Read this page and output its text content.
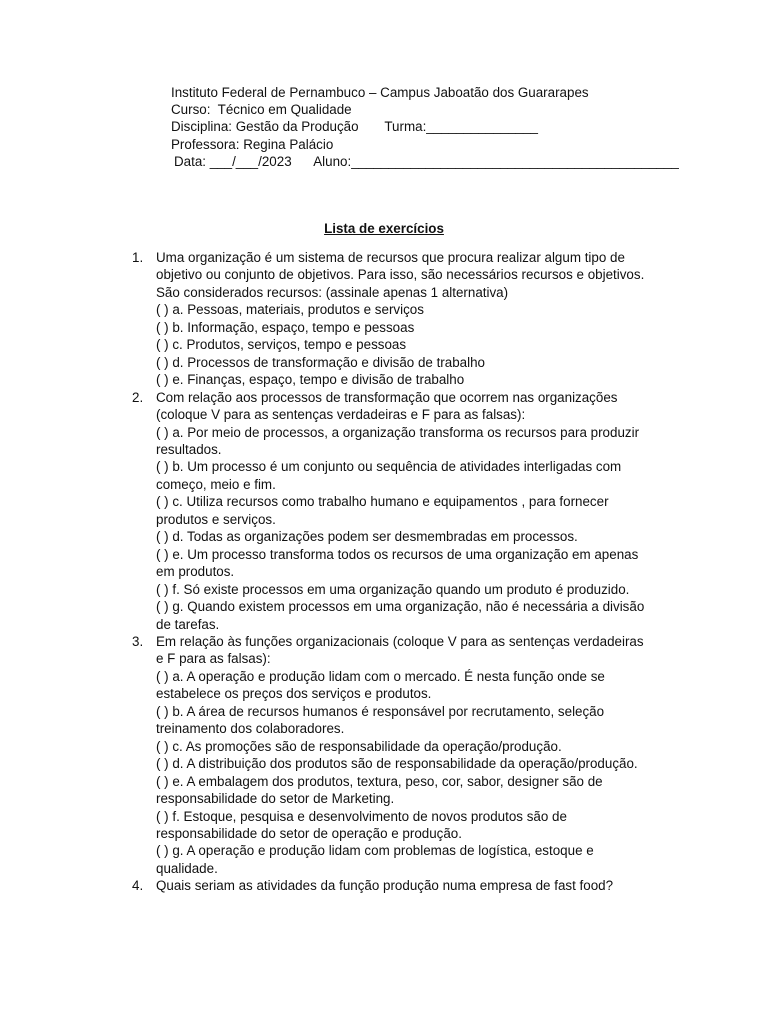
Instituto Federal de Pernambuco – Campus Jaboatão dos Guararapes
Curso:  Técnico em Qualidade
Disciplina: Gestão da Produção       Turma:_______________
Professora: Regina Palácio
Data: ___/___/2023      Aluno:____________________________________________
Lista de exercícios
1. Uma organização é um sistema de recursos que procura realizar algum tipo de objetivo ou conjunto de objetivos. Para isso, são necessários recursos e objetivos. São considerados recursos: (assinale apenas 1 alternativa)
( ) a. Pessoas, materiais, produtos e serviços
( ) b. Informação, espaço, tempo e pessoas
( ) c. Produtos, serviços, tempo e pessoas
( ) d. Processos de transformação e divisão de trabalho
( ) e. Finanças, espaço, tempo e divisão de trabalho
2. Com relação aos processos de transformação que ocorrem nas organizações (coloque V para as sentenças verdadeiras e F para as falsas):
( ) a. Por meio de processos, a organização transforma os recursos para produzir resultados.
( ) b. Um processo é um conjunto ou sequência de atividades interligadas com começo, meio e fim.
( ) c. Utiliza recursos como trabalho humano e equipamentos , para fornecer produtos e serviços.
( ) d. Todas as organizações podem ser desmembradas em processos.
( ) e. Um processo transforma todos os recursos de uma organização em apenas em produtos.
( ) f. Só existe processos em uma organização quando um produto é produzido.
( ) g. Quando existem processos em uma organização, não é necessária a divisão de tarefas.
3. Em relação às funções organizacionais (coloque V para as sentenças verdadeiras e F para as falsas):
( ) a. A operação e produção lidam com o mercado. É nesta função onde se estabelece os preços dos serviços e produtos.
( ) b. A área de recursos humanos é responsável por recrutamento, seleção treinamento dos colaboradores.
( ) c. As promoções são de responsabilidade da operação/produção.
( ) d. A distribuição dos produtos são de responsabilidade da operação/produção.
( ) e. A embalagem dos produtos, textura, peso, cor, sabor, designer são de responsabilidade do setor de Marketing.
( ) f. Estoque, pesquisa e desenvolvimento de novos produtos são de responsabilidade do setor de operação e produção.
( ) g. A operação e produção lidam com problemas de logística, estoque e qualidade.
4. Quais seriam as atividades da função produção numa empresa de fast food?
